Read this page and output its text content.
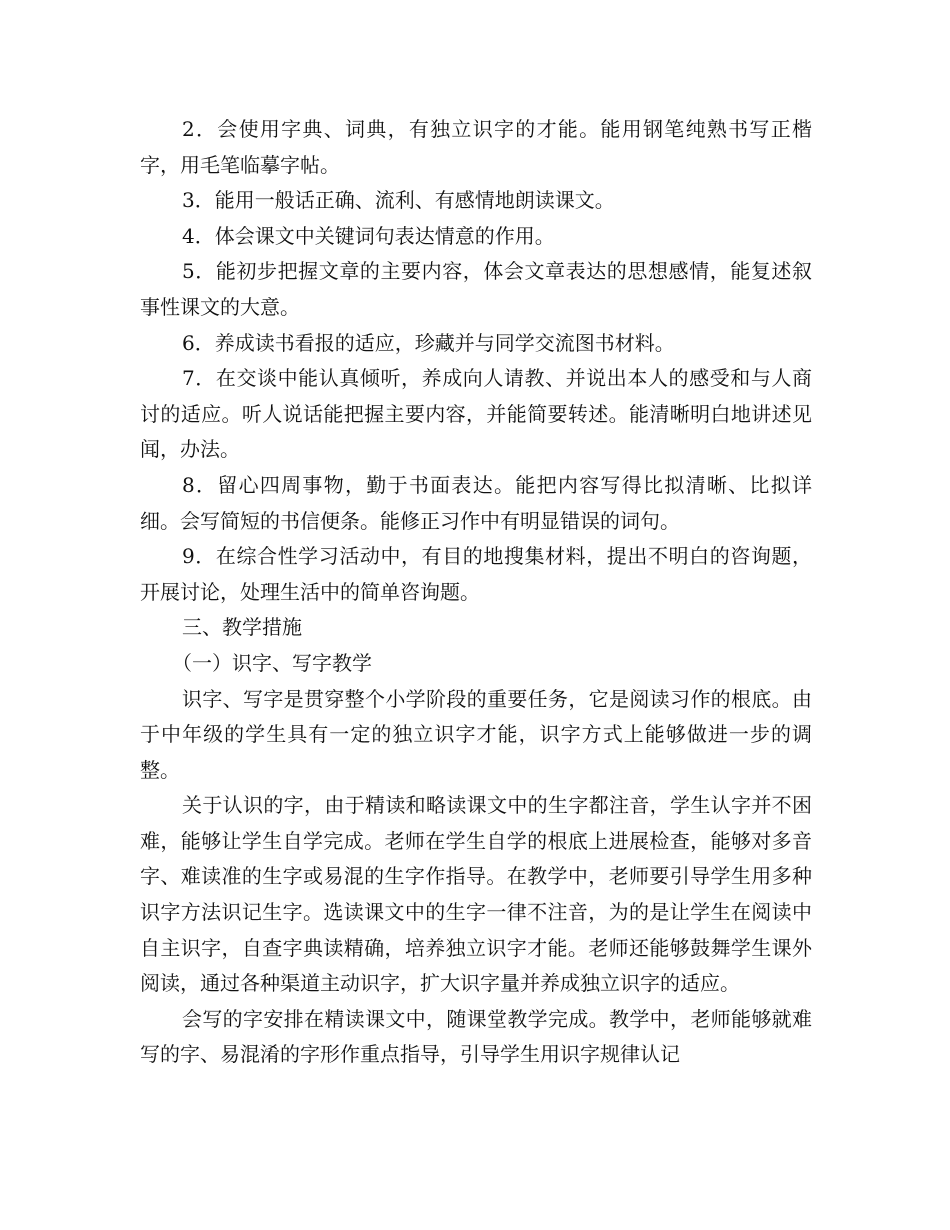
2．会使用字典、词典，有独立识字的才能。能用钢笔纯熟书写正楷字，用毛笔临摹字帖。

3．能用一般话正确、流利、有感情地朗读课文。

4．体会课文中关键词句表达情意的作用。

5．能初步把握文章的主要内容，体会文章表达的思想感情，能复述叙事性课文的大意。

6．养成读书看报的适应，珍藏并与同学交流图书材料。

7．在交谈中能认真倾听，养成向人请教、并说出本人的感受和与人商讨的适应。听人说话能把握主要内容，并能简要转述。能清晰明白地讲述见闻，办法。

8．留心四周事物，勤于书面表达。能把内容写得比拟清晰、比拟详细。会写简短的书信便条。能修正习作中有明显错误的词句。

9．在综合性学习活动中，有目的地搜集材料，提出不明白的咨询题，开展讨论，处理生活中的简单咨询题。

三、教学措施

（一）识字、写字教学

识字、写字是贯穿整个小学阶段的重要任务，它是阅读习作的根底。由于中年级的学生具有一定的独立识字才能，识字方式上能够做进一步的调整。

关于认识的字，由于精读和略读课文中的生字都注音，学生认字并不困难，能够让学生自学完成。老师在学生自学的根底上进展检查，能够对多音字、难读准的生字或易混的生字作指导。在教学中，老师要引导学生用多种识字方法识记生字。选读课文中的生字一律不注音，为的是让学生在阅读中自主识字，自查字典读精确，培养独立识字才能。老师还能够鼓舞学生课外阅读，通过各种渠道主动识字，扩大识字量并养成独立识字的适应。

会写的字安排在精读课文中，随课堂教学完成。教学中，老师能够就难写的字、易混淆的字形作重点指导，引导学生用识字规律认记
